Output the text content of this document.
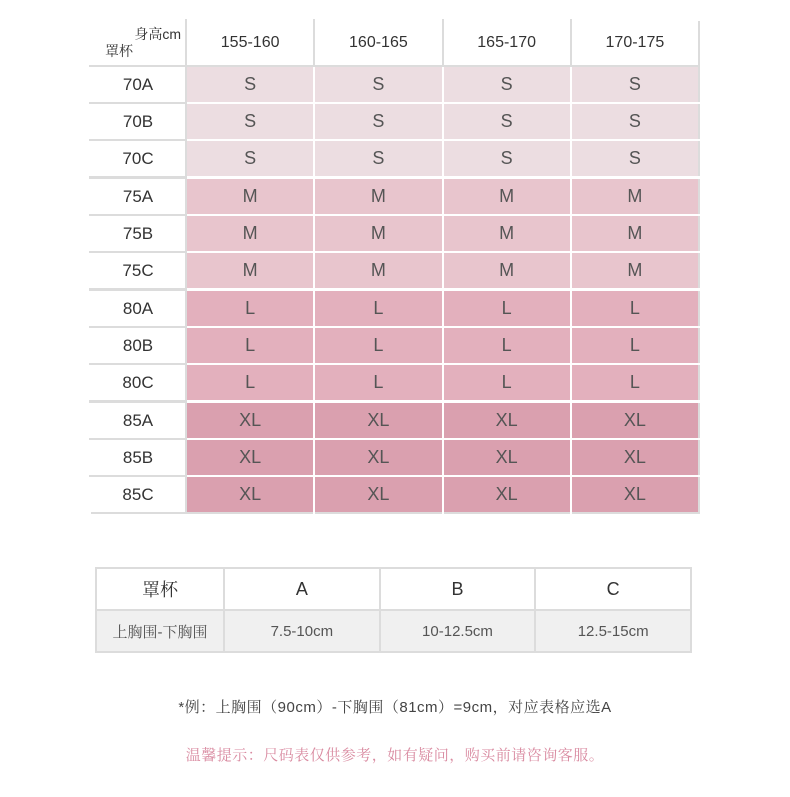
身高cm
罩杯	155-160	160-165	165-170	170-175
70A	S	S	S	S
70B	S	S	S	S
70C	S	S	S	S
75A	M	M	M	M
75B	M	M	M	M
75C	M	M	M	M
80A	L	L	L	L
80B	L	L	L	L
80C	L	L	L	L
85A	XL	XL	XL	XL
85B	XL	XL	XL	XL
85C	XL	XL	XL	XL
罩杯	A	B	C
上胸围-下胸围	7.5-10cm	10-12.5cm	12.5-15cm
*例：上胸围（90cm）-下胸围（81cm）=9cm，对应表格应选A
温馨提示：尺码表仅供参考，如有疑问，购买前请咨询客服。
